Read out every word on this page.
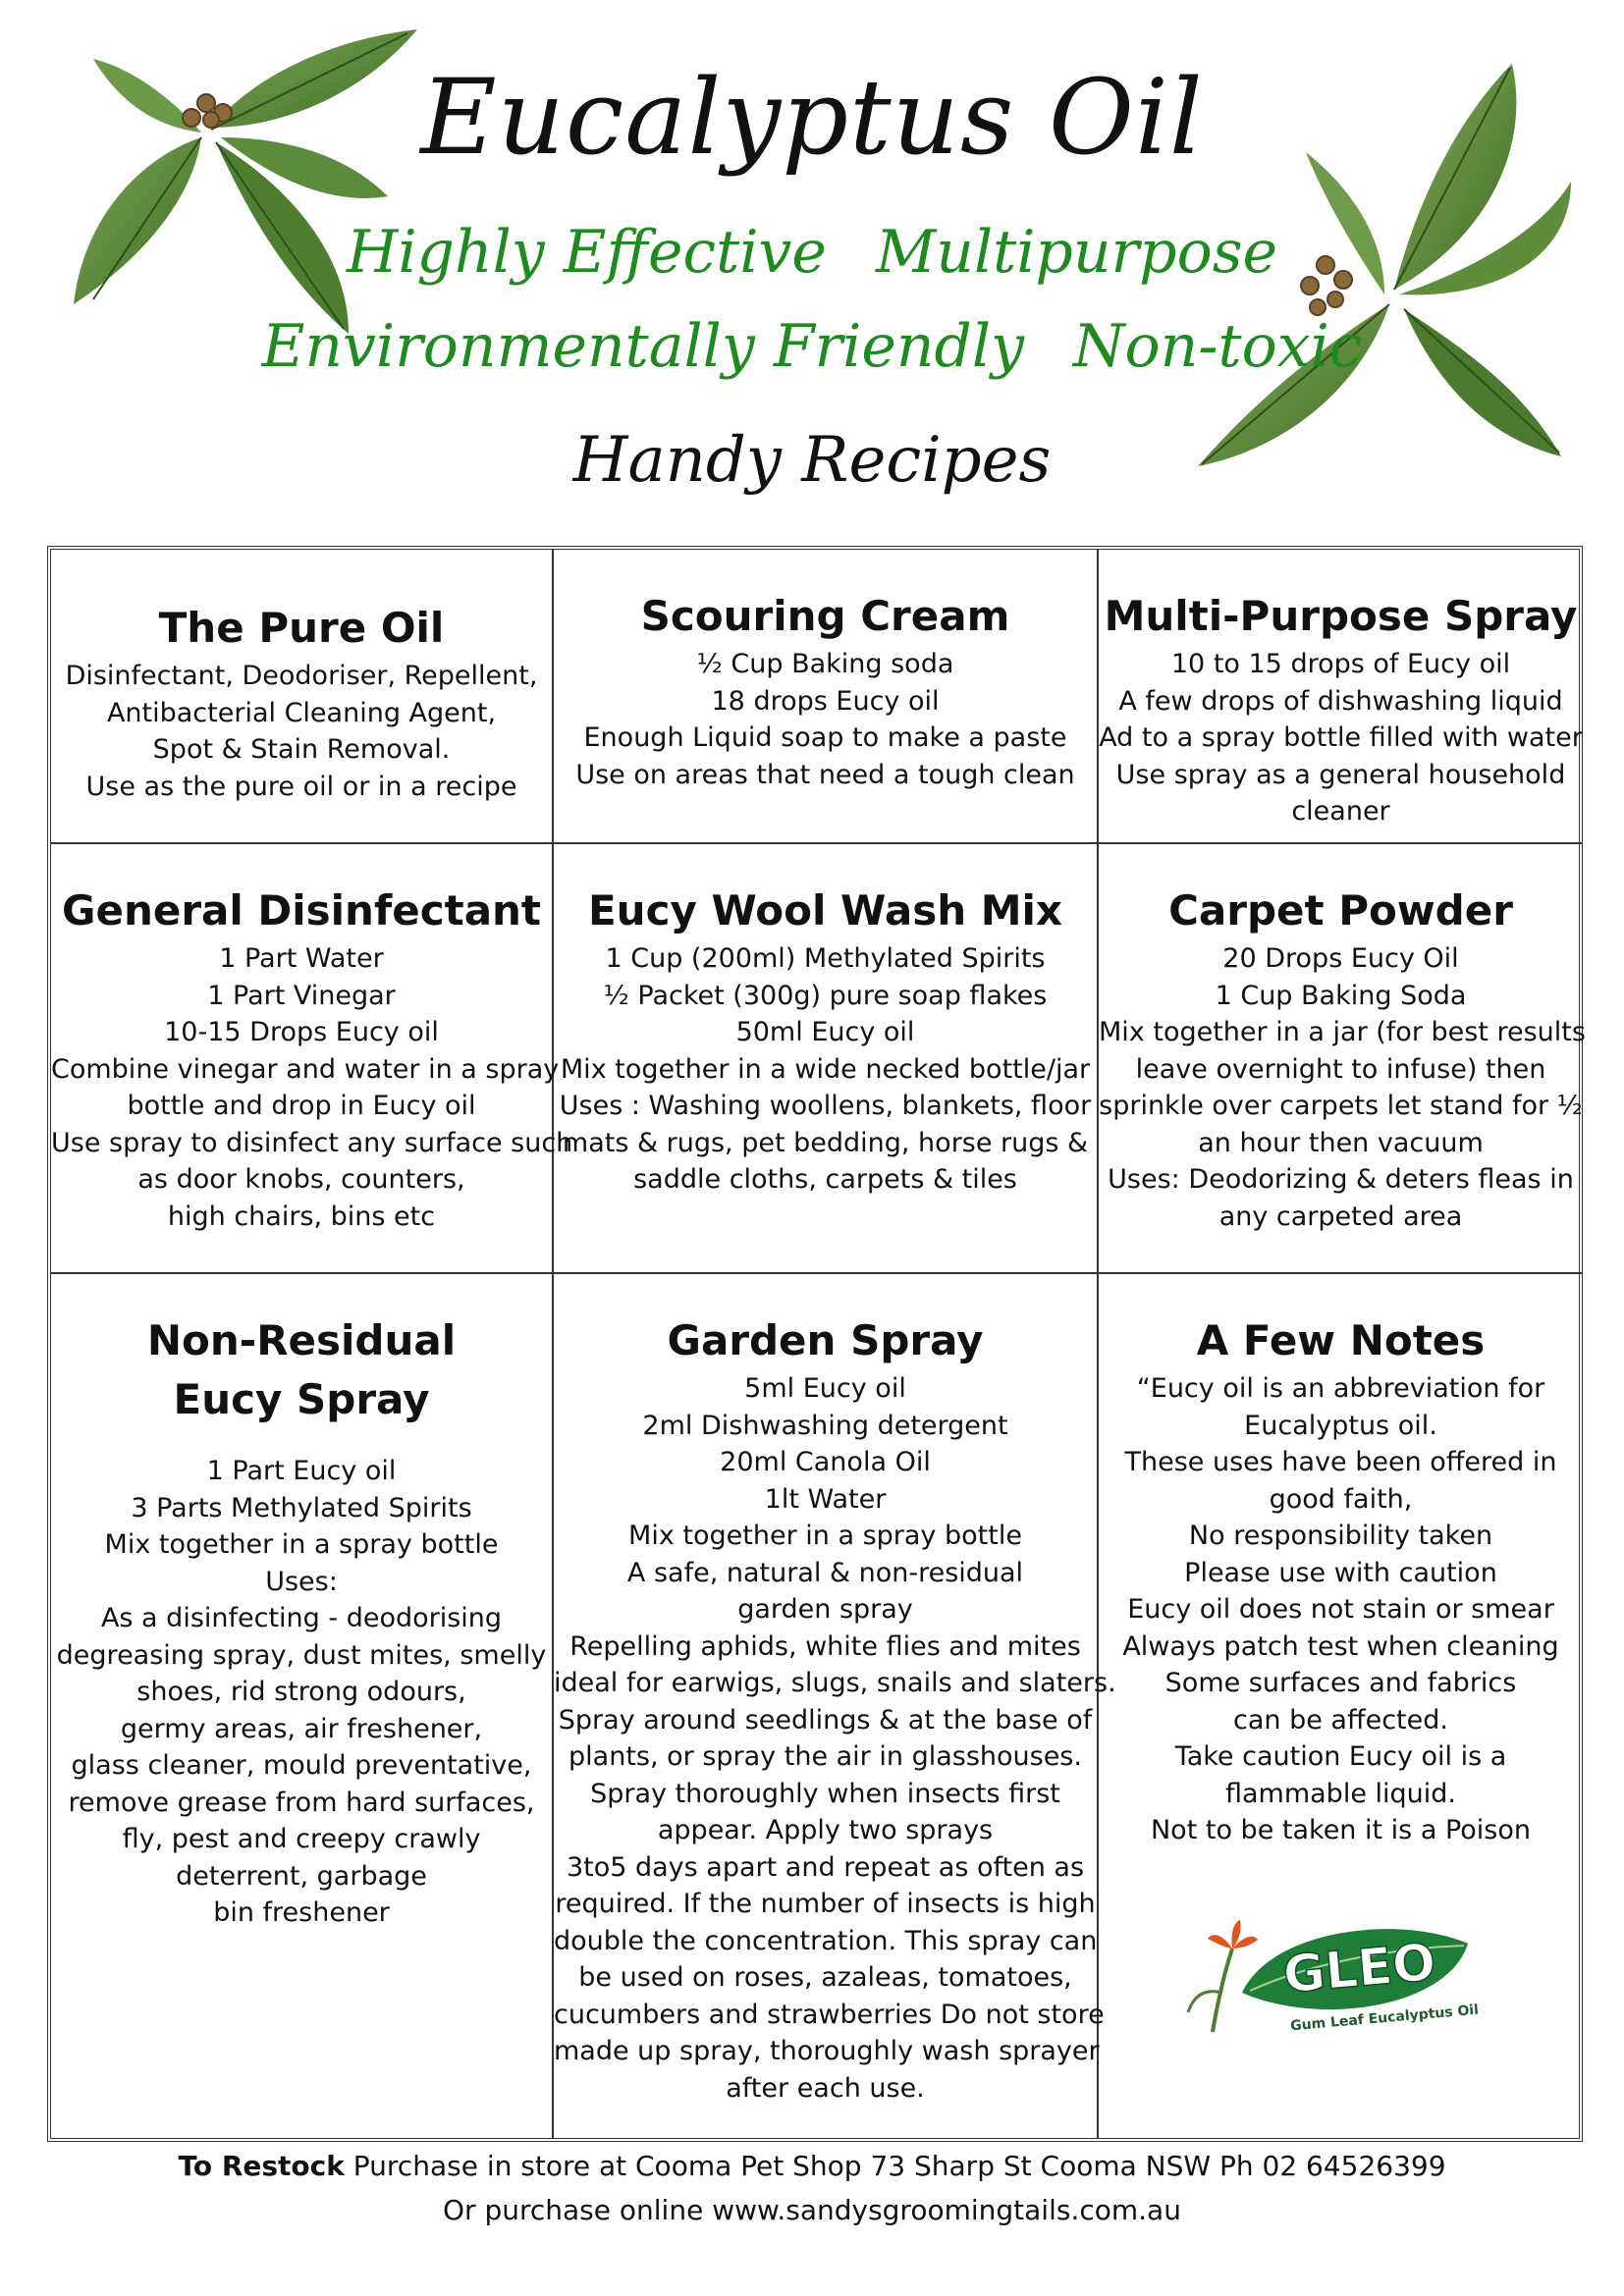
Eucalyptus Oil
Highly Effective Multipurpose
Environmentally Friendly Non-toxic
Handy Recipes
The Pure Oil
Disinfectant, Deodoriser, Repellent,
Antibacterial Cleaning Agent,
Spot & Stain Removal.
Use as the pure oil or in a recipe
Scouring Cream
½ Cup Baking soda
18 drops Eucy oil
Enough Liquid soap to make a paste
Use on areas that need a tough clean
Multi-Purpose Spray
10 to 15 drops of Eucy oil
A few drops of dishwashing liquid
Ad to a spray bottle filled with water
Use spray as a general household
cleaner
General Disinfectant
1 Part Water
1 Part Vinegar
10-15 Drops Eucy oil
Combine vinegar and water in a spray
bottle and drop in Eucy oil
Use spray to disinfect any surface such
as door knobs, counters,
high chairs, bins etc
Eucy Wool Wash Mix
1 Cup (200ml) Methylated Spirits
½ Packet (300g) pure soap flakes
50ml Eucy oil
Mix together in a wide necked bottle/jar
Uses : Washing woollens, blankets, floor
mats & rugs, pet bedding, horse rugs &
saddle cloths, carpets & tiles
Carpet Powder
20 Drops Eucy Oil
1 Cup Baking Soda
Mix together in a jar (for best results
leave overnight to infuse) then
sprinkle over carpets let stand for ½
an hour then vacuum
Uses: Deodorizing & deters fleas in
any carpeted area
Non-Residual
Eucy Spray
1 Part Eucy oil
3 Parts Methylated Spirits
Mix together in a spray bottle
Uses:
As a disinfecting - deodorising
degreasing spray, dust mites, smelly
shoes, rid strong odours,
germy areas, air freshener,
glass cleaner, mould preventative,
remove grease from hard surfaces,
fly, pest and creepy crawly
deterrent, garbage
bin freshener
Garden Spray
5ml Eucy oil
2ml Dishwashing detergent
20ml Canola Oil
1lt Water
Mix together in a spray bottle
A safe, natural & non-residual
garden spray
Repelling aphids, white flies and mites
ideal for earwigs, slugs, snails and slaters.
Spray around seedlings & at the base of
plants, or spray the air in glasshouses.
Spray thoroughly when insects first
appear. Apply two sprays
3to5 days apart and repeat as often as
required. If the number of insects is high
double the concentration. This spray can
be used on roses, azaleas, tomatoes,
cucumbers and strawberries Do not store
made up spray, thoroughly wash sprayer
after each use.
A Few Notes
“Eucy oil is an abbreviation for
Eucalyptus oil.
These uses have been offered in
good faith,
No responsibility taken
Please use with caution
Eucy oil does not stain or smear
Always patch test when cleaning
Some surfaces and fabrics
can be affected.
Take caution Eucy oil is a
flammable liquid.
Not to be taken it is a Poison
GLEO
Gum Leaf Eucalyptus Oil
To Restock Purchase in store at Cooma Pet Shop 73 Sharp St Cooma NSW Ph 02 64526399
Or purchase online www.sandysgroomingtails.com.au
